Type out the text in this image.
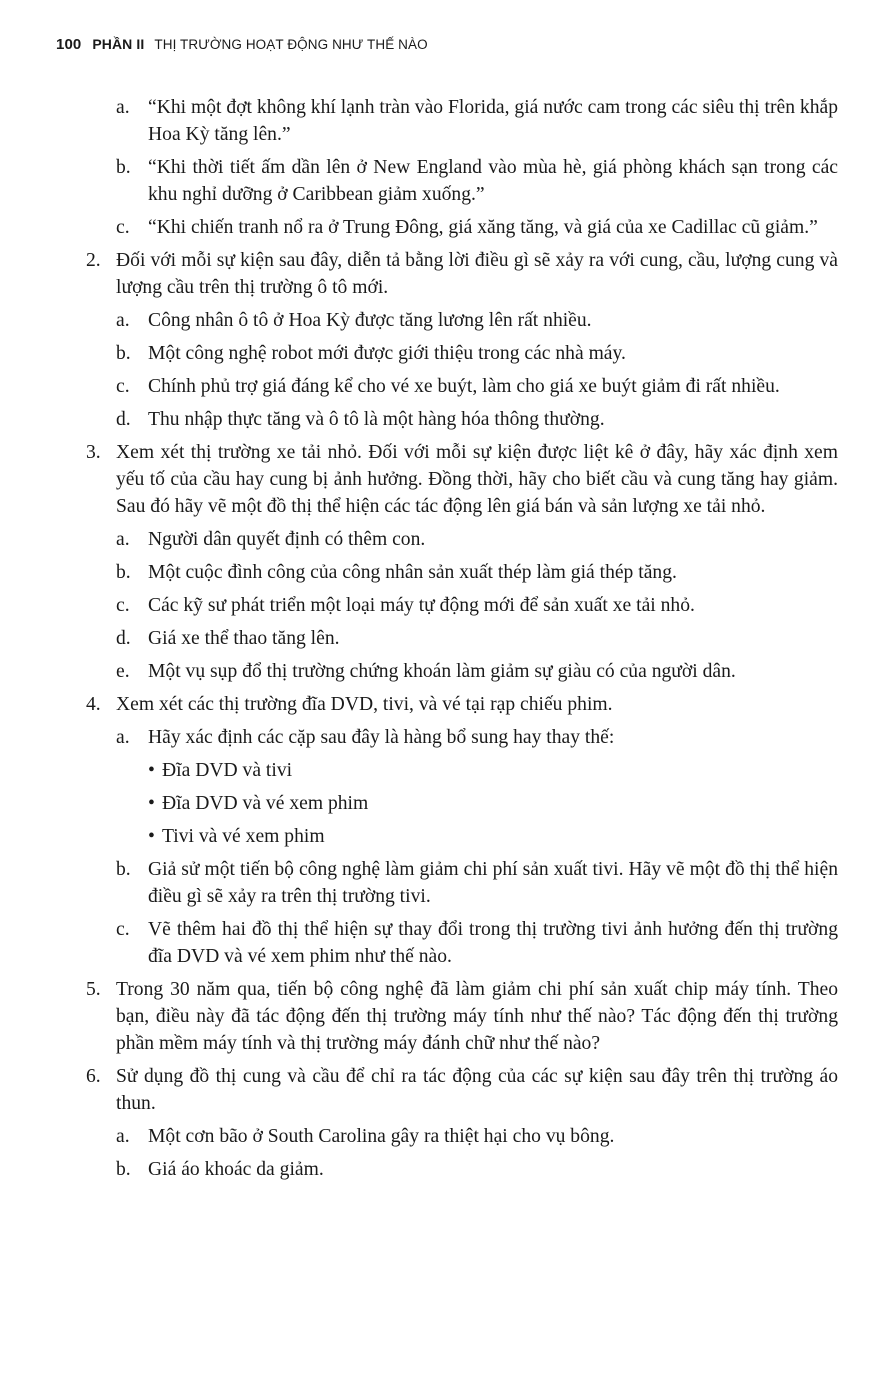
100 PHẦN II THỊ TRƯỜNG HOẠT ĐỘNG NHƯ THẾ NÀO
a. “Khi một đợt không khí lạnh tràn vào Florida, giá nước cam trong các siêu thị trên khắp Hoa Kỳ tăng lên.”
b. “Khi thời tiết ấm dần lên ở New England vào mùa hè, giá phòng khách sạn trong các khu nghỉ dưỡng ở Caribbean giảm xuống.”
c. “Khi chiến tranh nổ ra ở Trung Đông, giá xăng tăng, và giá của xe Cadillac cũ giảm.”
2. Đối với mỗi sự kiện sau đây, diễn tả bằng lời điều gì sẽ xảy ra với cung, cầu, lượng cung và lượng cầu trên thị trường ô tô mới.
a. Công nhân ô tô ở Hoa Kỳ được tăng lương lên rất nhiều.
b. Một công nghệ robot mới được giới thiệu trong các nhà máy.
c. Chính phủ trợ giá đáng kể cho vé xe buýt, làm cho giá xe buýt giảm đi rất nhiều.
d. Thu nhập thực tăng và ô tô là một hàng hóa thông thường.
3. Xem xét thị trường xe tải nhỏ. Đối với mỗi sự kiện được liệt kê ở đây, hãy xác định xem yếu tố của cầu hay cung bị ảnh hưởng. Đồng thời, hãy cho biết cầu và cung tăng hay giảm. Sau đó hãy vẽ một đồ thị thể hiện các tác động lên giá bán và sản lượng xe tải nhỏ.
a. Người dân quyết định có thêm con.
b. Một cuộc đình công của công nhân sản xuất thép làm giá thép tăng.
c. Các kỹ sư phát triển một loại máy tự động mới để sản xuất xe tải nhỏ.
d. Giá xe thể thao tăng lên.
e. Một vụ sụp đổ thị trường chứng khoán làm giảm sự giàu có của người dân.
4. Xem xét các thị trường đĩa DVD, tivi, và vé tại rạp chiếu phim.
a. Hãy xác định các cặp sau đây là hàng bổ sung hay thay thế:
• Đĩa DVD và tivi
• Đĩa DVD và vé xem phim
• Tivi và vé xem phim
b. Giả sử một tiến bộ công nghệ làm giảm chi phí sản xuất tivi. Hãy vẽ một đồ thị thể hiện điều gì sẽ xảy ra trên thị trường tivi.
c. Vẽ thêm hai đồ thị thể hiện sự thay đổi trong thị trường tivi ảnh hưởng đến thị trường đĩa DVD và vé xem phim như thế nào.
5. Trong 30 năm qua, tiến bộ công nghệ đã làm giảm chi phí sản xuất chip máy tính. Theo bạn, điều này đã tác động đến thị trường máy tính như thế nào? Tác động đến thị trường phần mềm máy tính và thị trường máy đánh chữ như thế nào?
6. Sử dụng đồ thị cung và cầu để chỉ ra tác động của các sự kiện sau đây trên thị trường áo thun.
a. Một cơn bão ở South Carolina gây ra thiệt hại cho vụ bông.
b. Giá áo khoác da giảm.
